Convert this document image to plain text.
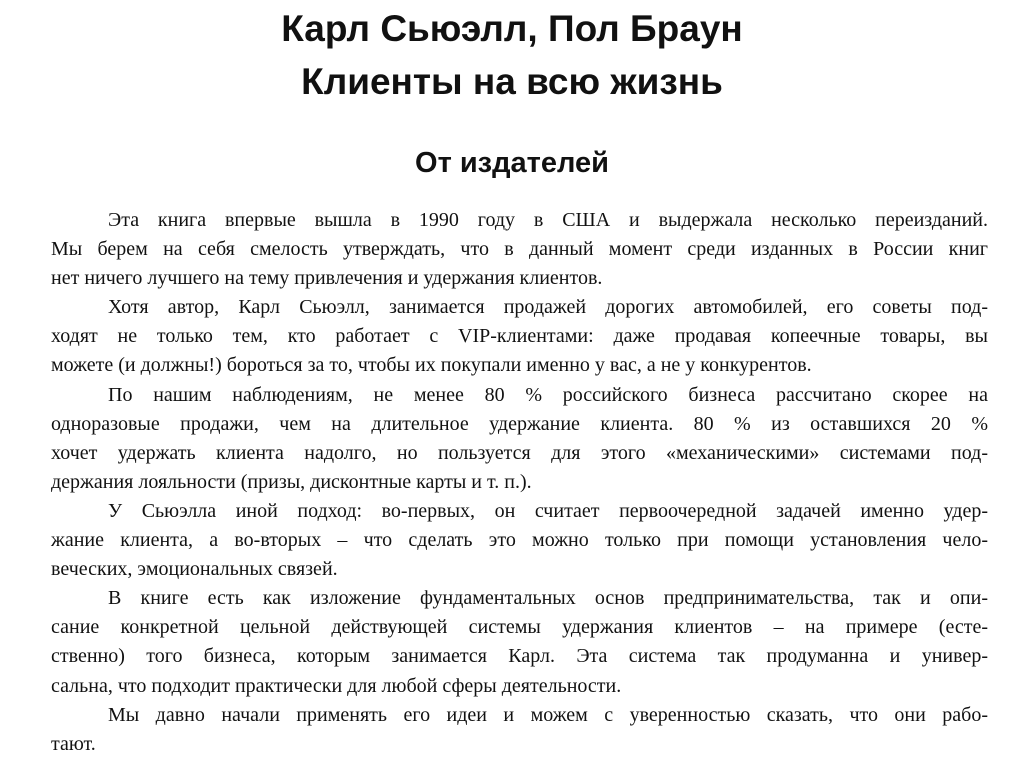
Карл Сьюэлл, Пол Браун
Клиенты на всю жизнь
От издателей
Эта книга впервые вышла в 1990 году в США и выдержала несколько переизданий.
Мы берем на себя смелость утверждать, что в данный момент среди изданных в России книг
нет ничего лучшего на тему привлечения и удержания клиентов.
Хотя автор, Карл Сьюэлл, занимается продажей дорогих автомобилей, его советы под-
ходят не только тем, кто работает с VIP-клиентами: даже продавая копеечные товары, вы
можете (и должны!) бороться за то, чтобы их покупали именно у вас, а не у конкурентов.
По нашим наблюдениям, не менее 80 % российского бизнеса рассчитано скорее на
одноразовые продажи, чем на длительное удержание клиента. 80 % из оставшихся 20 %
хочет удержать клиента надолго, но пользуется для этого «механическими» системами под-
держания лояльности (призы, дисконтные карты и т. п.).
У Сьюэлла иной подход: во-первых, он считает первоочередной задачей именно удер-
жание клиента, а во-вторых – что сделать это можно только при помощи установления чело-
веческих, эмоциональных связей.
В книге есть как изложение фундаментальных основ предпринимательства, так и опи-
сание конкретной цельной действующей системы удержания клиентов – на примере (есте-
ственно) того бизнеса, которым занимается Карл. Эта система так продуманна и универ-
сальна, что подходит практически для любой сферы деятельности.
Мы давно начали применять его идеи и можем с уверенностью сказать, что они рабо-
тают.
